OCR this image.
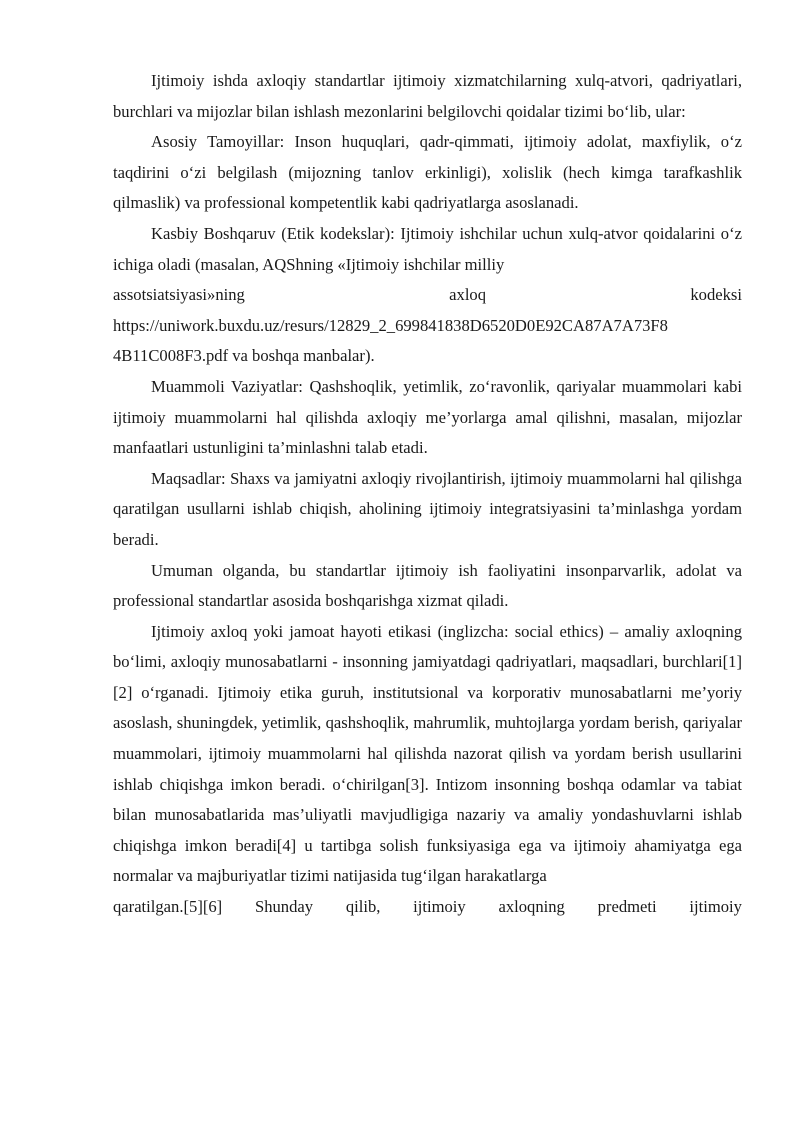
Ijtimoiy ishda axloqiy standartlar ijtimoiy xizmatchilarning xulq-atvori, qadriyatlari, burchlari va mijozlar bilan ishlash mezonlarini belgilovchi qoidalar tizimi bo‘lib, ular:

Asosiy Tamoyillar: Inson huquqlari, qadr-qimmati, ijtimoiy adolat, maxfiylik, o‘z taqdirini o‘zi belgilash (mijozning tanlov erkinligi), xolislik (hech kimga tarafkashlik qilmaslik) va professional kompetentlik kabi qadriyatlarga asoslanadi.

Kasbiy Boshqaruv (Etik kodekslar): Ijtimoiy ishchilar uchun xulq-atvor qoidalarini o‘z ichiga oladi (masalan, AQShning «Ijtimoiy ishchilar milliy

assotsiatsiyasi»ning	axloq	kodeksi
https://uniwork.buxdu.uz/resurs/12829_2_699841838D6520D0E92CA87A7A73F8
4B11C008F3.pdf va boshqa manbalar).

Muammoli Vaziyatlar: Qashshoqlik, yetimlik, zo‘ravonlik, qariyalar muammolari kabi ijtimoiy muammolarni hal qilishda axloqiy me’yorlarga amal qilishni, masalan, mijozlar manfaatlari ustunligini ta’minlashni talab etadi.

Maqsadlar: Shaxs va jamiyatni axloqiy rivojlantirish, ijtimoiy muammolarni hal qilishga qaratilgan usullarni ishlab chiqish, aholining ijtimoiy integratsiyasini ta’minlashga yordam beradi.

Umuman olganda, bu standartlar ijtimoiy ish faoliyatini insonparvarlik, adolat va professional standartlar asosida boshqarishga xizmat qiladi.

Ijtimoiy axloq yoki jamoat hayoti etikasi (inglizcha: social ethics) – amaliy axloqning bo‘limi, axloqiy munosabatlarni - insonning jamiyatdagi qadriyatlari, maqsadlari, burchlari[1][2] o‘rganadi. Ijtimoiy etika guruh, institutsional va korporativ munosabatlarni me’yoriy asoslash, shuningdek, yetimlik, qashshoqlik, mahrumlik, muhtojlarga yordam berish, qariyalar muammolari, ijtimoiy muammolarni hal qilishda nazorat qilish va yordam berish usullarini ishlab chiqishga imkon beradi. o‘chirilgan[3]. Intizom insonning boshqa odamlar va tabiat bilan munosabatlarida mas’uliyatli mavjudligiga nazariy va amaliy yondashuvlarni ishlab chiqishga imkon beradi[4] u tartibga solish funksiyasiga ega va ijtimoiy ahamiyatga ega normalar va majburiyatlar tizimi natijasida tug‘ilgan harakatlarga

qaratilgan.[5][6] Shunday qilib, ijtimoiy axloqning predmeti ijtimoiy
